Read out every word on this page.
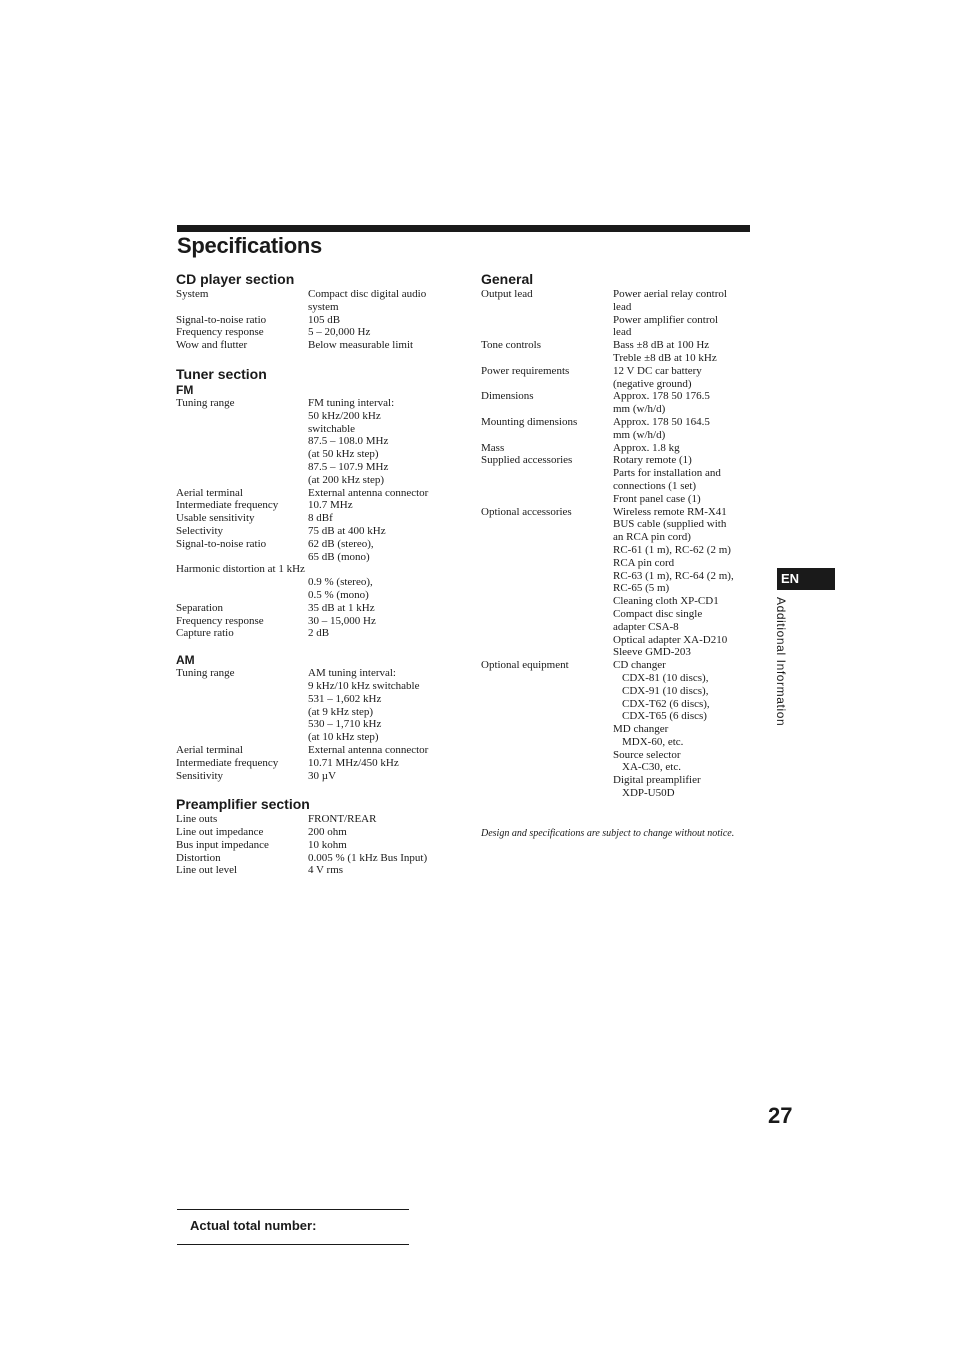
Specifications
CD player section
System	Compact disc digital audio
system
Signal-to-noise ratio	105 dB
Frequency response	5 – 20,000 Hz
Wow and flutter	Below measurable limit
Tuner section
FM
Tuning range	FM tuning interval:
50 kHz/200 kHz
switchable
87.5 – 108.0 MHz
(at 50 kHz step)
87.5 – 107.9 MHz
(at 200 kHz step)
Aerial terminal	External antenna connector
Intermediate frequency	10.7 MHz
Usable sensitivity	8 dBf
Selectivity	75 dB at 400 kHz
Signal-to-noise ratio	62 dB (stereo),
65 dB (mono)
Harmonic distortion at 1 kHz
0.9 % (stereo),
0.5 % (mono)
Separation	35 dB at 1 kHz
Frequency response	30 – 15,000 Hz
Capture ratio	2 dB
AM
Tuning range	AM tuning interval:
9 kHz/10 kHz switchable
531 – 1,602 kHz
(at 9 kHz step)
530 – 1,710 kHz
(at 10 kHz step)
Aerial terminal	External antenna connector
Intermediate frequency	10.71 MHz/450 kHz
Sensitivity	30 µV
Preamplifier section
Line outs	FRONT/REAR
Line out impedance	200 ohm
Bus input impedance	10 kohm
Distortion	0.005 % (1 kHz Bus Input)
Line out level	4 V rms
General
Output lead	Power aerial relay control
lead
Power amplifier control
lead
Tone controls	Bass ±8 dB at 100 Hz
Treble ±8 dB at 10 kHz
Power requirements	12 V DC car battery
(negative ground)
Dimensions	Approx. 178 50 176.5
mm (w/h/d)
Mounting dimensions	Approx. 178 50 164.5
mm (w/h/d)
Mass	Approx. 1.8 kg
Supplied accessories	Rotary remote (1)
Parts for installation and
connections (1 set)
Front panel case (1)
Optional accessories	Wireless remote RM-X41
BUS cable (supplied with
an RCA pin cord)
RC-61 (1 m), RC-62 (2 m)
RCA pin cord
RC-63 (1 m), RC-64 (2 m),
RC-65 (5 m)
Cleaning cloth XP-CD1
Compact disc single
adapter CSA-8
Optical adapter XA-D210
Sleeve GMD-203
Optional equipment	CD changer
CDX-81 (10 discs),
CDX-91 (10 discs),
CDX-T62 (6 discs),
CDX-T65 (6 discs)
MD changer
MDX-60, etc.
Source selector
XA-C30, etc.
Digital preamplifier
XDP-U50D
Design and specifications are subject to change without notice.
EN
Additional Information
27
Actual total number:
